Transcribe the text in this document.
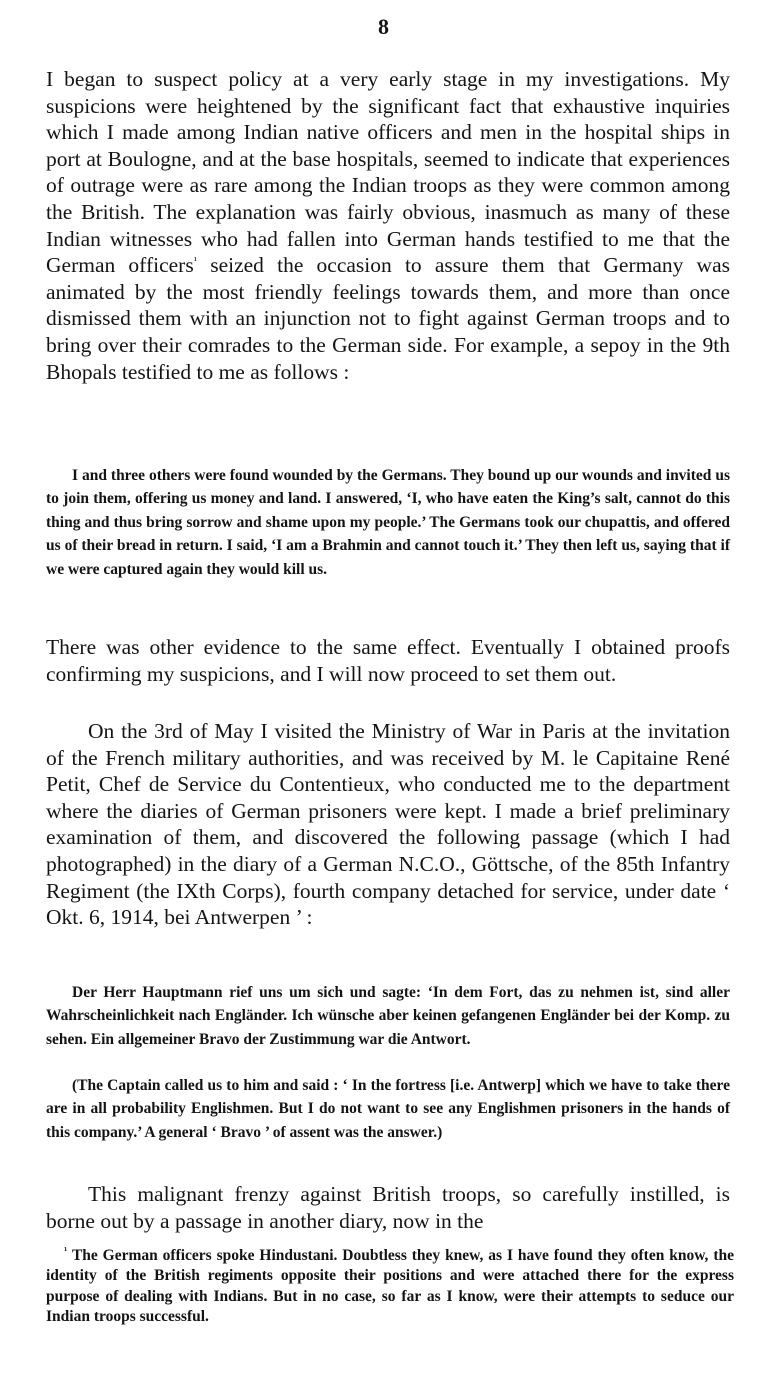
8

I began to suspect policy at a very early stage in my investigations. My suspicions were heightened by the significant fact that exhaustive inquiries which I made among Indian native officers and men in the hospital ships in port at Boulogne, and at the base hospitals, seemed to indicate that experiences of outrage were as rare among the Indian troops as they were common among the British. The explanation was fairly obvious, inasmuch as many of these Indian witnesses who had fallen into German hands testified to me that the German officers$^{^1}$ seized the occasion to assure them that Germany was animated by the most friendly feelings towards them, and more than once dismissed them with an injunction not to fight against German troops and to bring over their comrades to the German side. For example, a sepoy in the 9th Bhopals testified to me as follows :

I and three others were found wounded by the Germans. They bound up our wounds and invited us to join them, offering us money and land. I answered, ‘I, who have eaten the King’s salt, cannot do this thing and thus bring sorrow and shame upon my people.’ The Germans took our chupattis, and offered us of their bread in return. I said, ‘I am a Brahmin and cannot touch it.’ They then left us, saying that if we were captured again they would kill us.

There was other evidence to the same effect. Eventually I obtained proofs confirming my suspicions, and I will now proceed to set them out.

On the 3rd of May I visited the Ministry of War in Paris at the invitation of the French military authorities, and was received by M. le Capitaine René Petit, Chef de Service du Contentieux, who conducted me to the department where the diaries of German prisoners were kept. I made a brief preliminary examination of them, and discovered the following passage (which I had photographed) in the diary of a German N.C.O., Göttsche, of the 85th Infantry Regiment (the IXth Corps), fourth company detached for service, under date ‘ Okt. 6, 1914, bei Antwerpen ’ :

Der Herr Hauptmann rief uns um sich und sagte: ‘In dem Fort, das zu nehmen ist, sind aller Wahrscheinlichkeit nach Engländer. Ich wünsche aber keinen gefangenen Engländer bei der Komp. zu sehen. Ein allgemeiner Bravo der Zustimmung war die Antwort.

(The Captain called us to him and said : ‘ In the fortress [i.e. Antwerp] which we have to take there are in all probability Englishmen. But I do not want to see any Englishmen prisoners in the hands of this company.’ A general ‘ Bravo ’ of assent was the answer.)

This malignant frenzy against British troops, so carefully instilled, is borne out by a passage in another diary, now in the

$^{^1}$ The German officers spoke Hindustani. Doubtless they knew, as I have found they often know, the identity of the British regiments opposite their positions and were attached there for the express purpose of dealing with Indians. But in no case, so far as I know, were their attempts to seduce our Indian troops successful.
